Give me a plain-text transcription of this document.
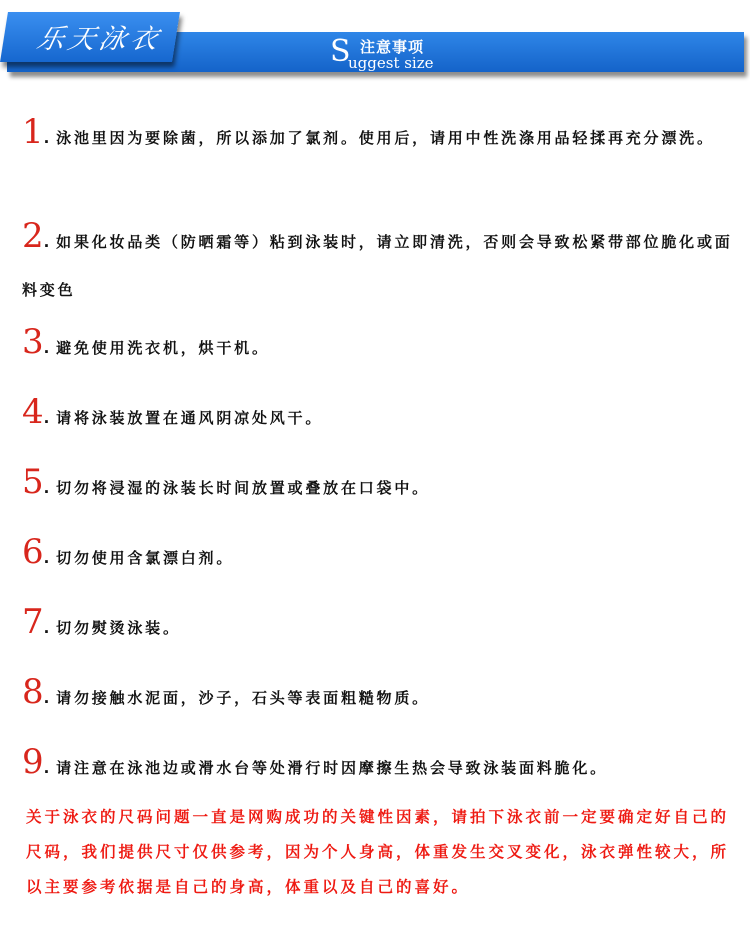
乐天泳衣	S 注意事项
uggest size
1. 泳池里因为要除菌，所以添加了氯剂。使用后，请用中性洗涤用品轻揉再充分漂洗。
2. 如果化妆品类（防晒霜等）粘到泳装时，请立即清洗，否则会导致松紧带部位脆化或面料变色
3. 避免使用洗衣机，烘干机。
4. 请将泳装放置在通风阴凉处风干。
5. 切勿将浸湿的泳装长时间放置或叠放在口袋中。
6. 切勿使用含氯漂白剂。
7. 切勿熨烫泳装。
8. 请勿接触水泥面，沙子，石头等表面粗糙物质。
9. 请注意在泳池边或滑水台等处滑行时因摩擦生热会导致泳装面料脆化。
关于泳衣的尺码问题一直是网购成功的关键性因素，请拍下泳衣前一定要确定好自己的尺码，我们提供尺寸仅供参考，因为个人身高，体重发生交叉变化，泳衣弹性较大，所以主要参考依据是自己的身高，体重以及自己的喜好。
